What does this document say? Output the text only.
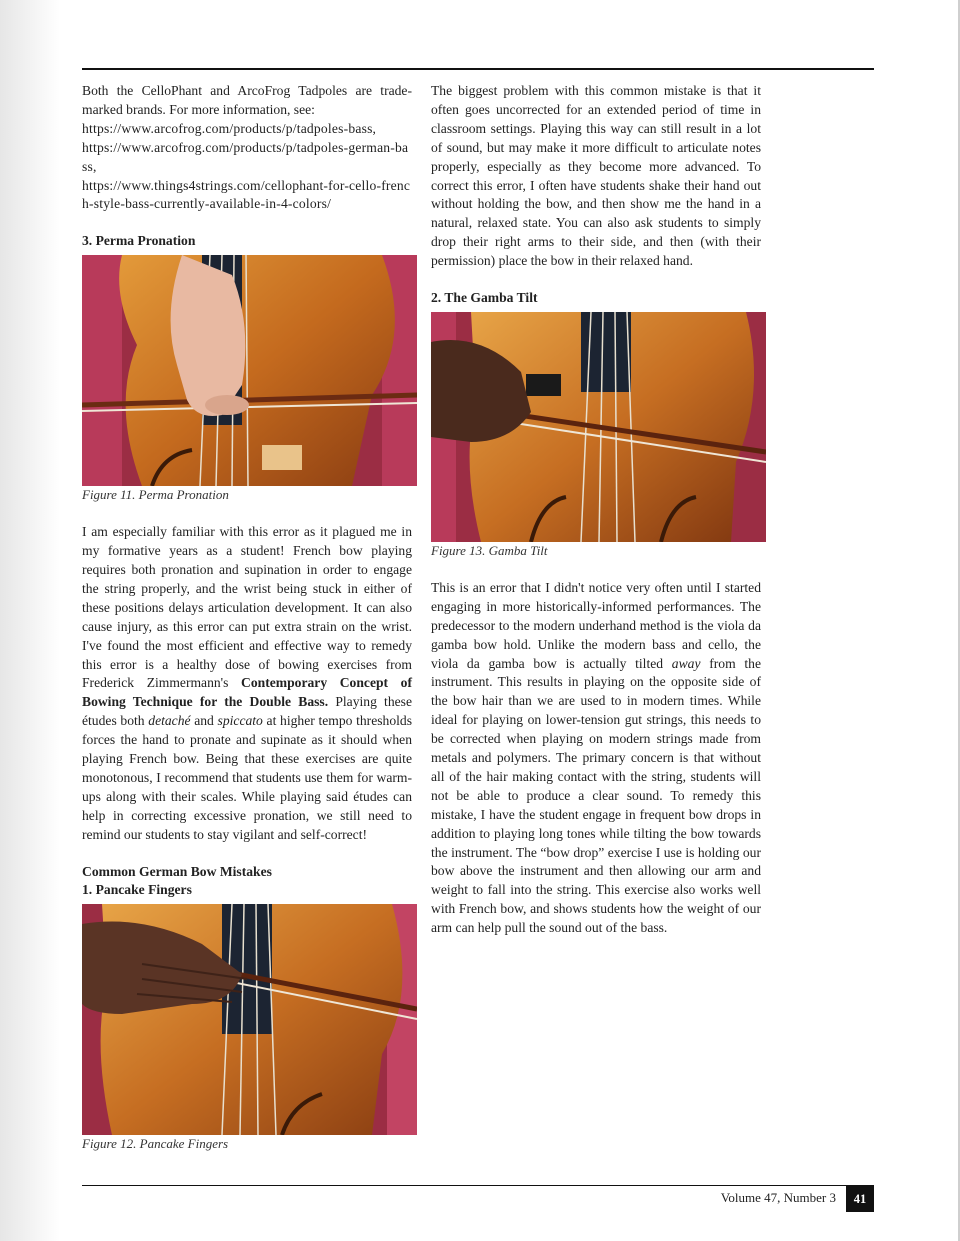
Both the CelloPhant and ArcoFrog Tadpoles are trade-marked brands. For more information, see:

https://www.arcofrog.com/products/p/tadpoles-bass,

https://www.arcofrog.com/products/p/tadpoles-german-bass,

https://www.things4strings.com/cellophant-for-cello-french-style-bass-currently-available-in-4-colors/

3. Perma Pronation

Figure 11. Perma Pronation

I am especially familiar with this error as it plagued me in my formative years as a student! French bow playing requires both pronation and supination in order to engage the string properly, and the wrist being stuck in either of these positions delays articulation development. It can also cause injury, as this error can put extra strain on the wrist. I've found the most efficient and effective way to remedy this error is a healthy dose of bowing exercises from Frederick Zimmermann's Contemporary Concept of Bowing Technique for the Double Bass. Playing these études both detaché and spiccato at higher tempo thresholds forces the hand to pronate and supinate as it should when playing French bow. Being that these exercises are quite monotonous, I recommend that students use them for warm-ups along with their scales. While playing said études can help in correcting excessive pronation, we still need to remind our students to stay vigilant and self-correct!

Common German Bow Mistakes

1. Pancake Fingers

Figure 12. Pancake Fingers

The biggest problem with this common mistake is that it often goes uncorrected for an extended period of time in classroom settings. Playing this way can still result in a lot of sound, but may make it more difficult to articulate notes properly, especially as they become more advanced. To correct this error, I often have students shake their hand out without holding the bow, and then show me the hand in a natural, relaxed state. You can also ask students to simply drop their right arms to their side, and then (with their permission) place the bow in their relaxed hand.

2. The Gamba Tilt

Figure 13. Gamba Tilt

This is an error that I didn't notice very often until I started engaging in more historically-informed performances. The predecessor to the modern underhand method is the viola da gamba bow hold. Unlike the modern bass and cello, the viola da gamba bow is actually tilted away from the instrument. This results in playing on the opposite side of the bow hair than we are used to in modern times. While ideal for playing on lower-tension gut strings, this needs to be corrected when playing on modern strings made from metals and polymers. The primary concern is that without all of the hair making contact with the string, students will not be able to produce a clear sound. To remedy this mistake, I have the student engage in frequent bow drops in addition to playing long tones while tilting the bow towards the instrument. The “bow drop” exercise I use is holding our bow above the instrument and then allowing our arm and weight to fall into the string. This exercise also works well with French bow, and shows students how the weight of our arm can help pull the sound out of the bass.

Volume 47, Number 3	41
